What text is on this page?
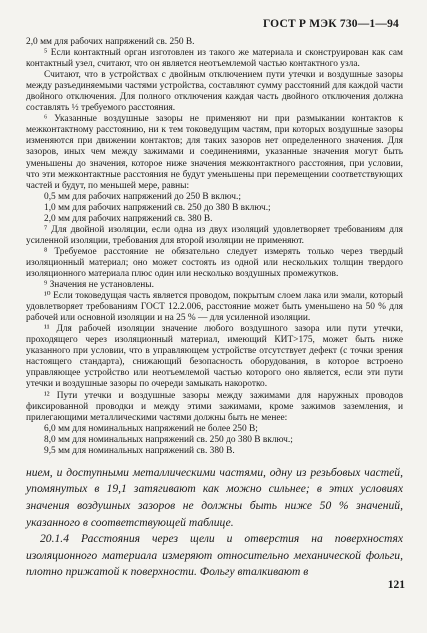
ГОСТ Р МЭК 730—1—94

2,0 мм для рабочих напряжений св. 250 В.

⁵ Если контактный орган изготовлен из такого же материала и сконструирован как сам контактный узел, считают, что он является неотъемлемой частью контактного узла.

Считают, что в устройствах с двойным отключением пути утечки и воздушные зазоры между разъединяемыми частями устройства, составляют сумму расстояний для каждой части двойного отключения. Для полного отключения каждая часть двойного отключения должна составлять ½ требуемого расстояния.

⁶ Указанные воздушные зазоры не применяют ни при размыкании контактов к межконтактному расстоянию, ни к тем токоведущим частям, при которых воздушные зазоры изменяются при движении контактов; для таких зазоров нет определенного значения. Для зазоров, иных чем между зажимами и соединениями, указанные значения могут быть уменьшены до значения, которое ниже значения межконтактного расстояния, при условии, что эти межконтактные расстояния не будут уменьшены при перемещении соответствующих частей и будут, по меньшей мере, равны:

0,5 мм для рабочих напряжений до 250 В включ.;

1,0 мм для рабочих напряжений св. 250 до 380 В включ.;

2,0 мм для рабочих напряжений св. 380 В.

⁷ Для двойной изоляции, если одна из двух изоляций удовлетворяет требованиям для усиленной изоляции, требования для второй изоляции не применяют.

⁸ Требуемое расстояние не обязательно следует измерять только через твердый изоляционный материал; оно может состоять из одной или нескольких толщин твердого изоляционного материала плюс один или несколько воздушных промежутков.

⁹ Значения не установлены.

¹⁰ Если токоведущая часть является проводом, покрытым слоем лака или эмали, который удовлетворяет требованиям ГОСТ 12.2.006, расстояние может быть уменьшено на 50 % для рабочей или основной изоляции и на 25 % — для усиленной изоляции.

¹¹ Для рабочей изоляции значение любого воздушного зазора или пути утечки, проходящего через изоляционный материал, имеющий КИТ>175, может быть ниже указанного при условии, что в управляющем устройстве отсутствует дефект (с точки зрения настоящего стандарта), снижающий безопасность оборудования, в которое встроено управляющее устройство или неотъемлемой частью которого оно является, если эти пути утечки и воздушные зазоры по очереди замыкать накоротко.

¹² Пути утечки и воздушные зазоры между зажимами для наружных проводов фиксированной проводки и между этими зажимами, кроме зажимов заземления, и прилегающими металлическими частями должны быть не менее:

6,0 мм для номинальных напряжений не более 250 В;

8,0 мм для номинальных напряжений св. 250 до 380 В включ.;

9,5 мм для номинальных напряжений св. 380 В.

нием, и доступными металлическими частями, одну из резьбовых частей, упомянутых в 19,1 затягивают как можно сильнее; в этих условиях значения воздушных зазоров не должны быть ниже 50 % значений, указанного в соответствующей таблице.

20.1.4 Расстояния через щели и отверстия на поверхностях изоляционного материала измеряют относительно механической фольги, плотно прижатой к поверхности. Фольгу вталкивают в

121
